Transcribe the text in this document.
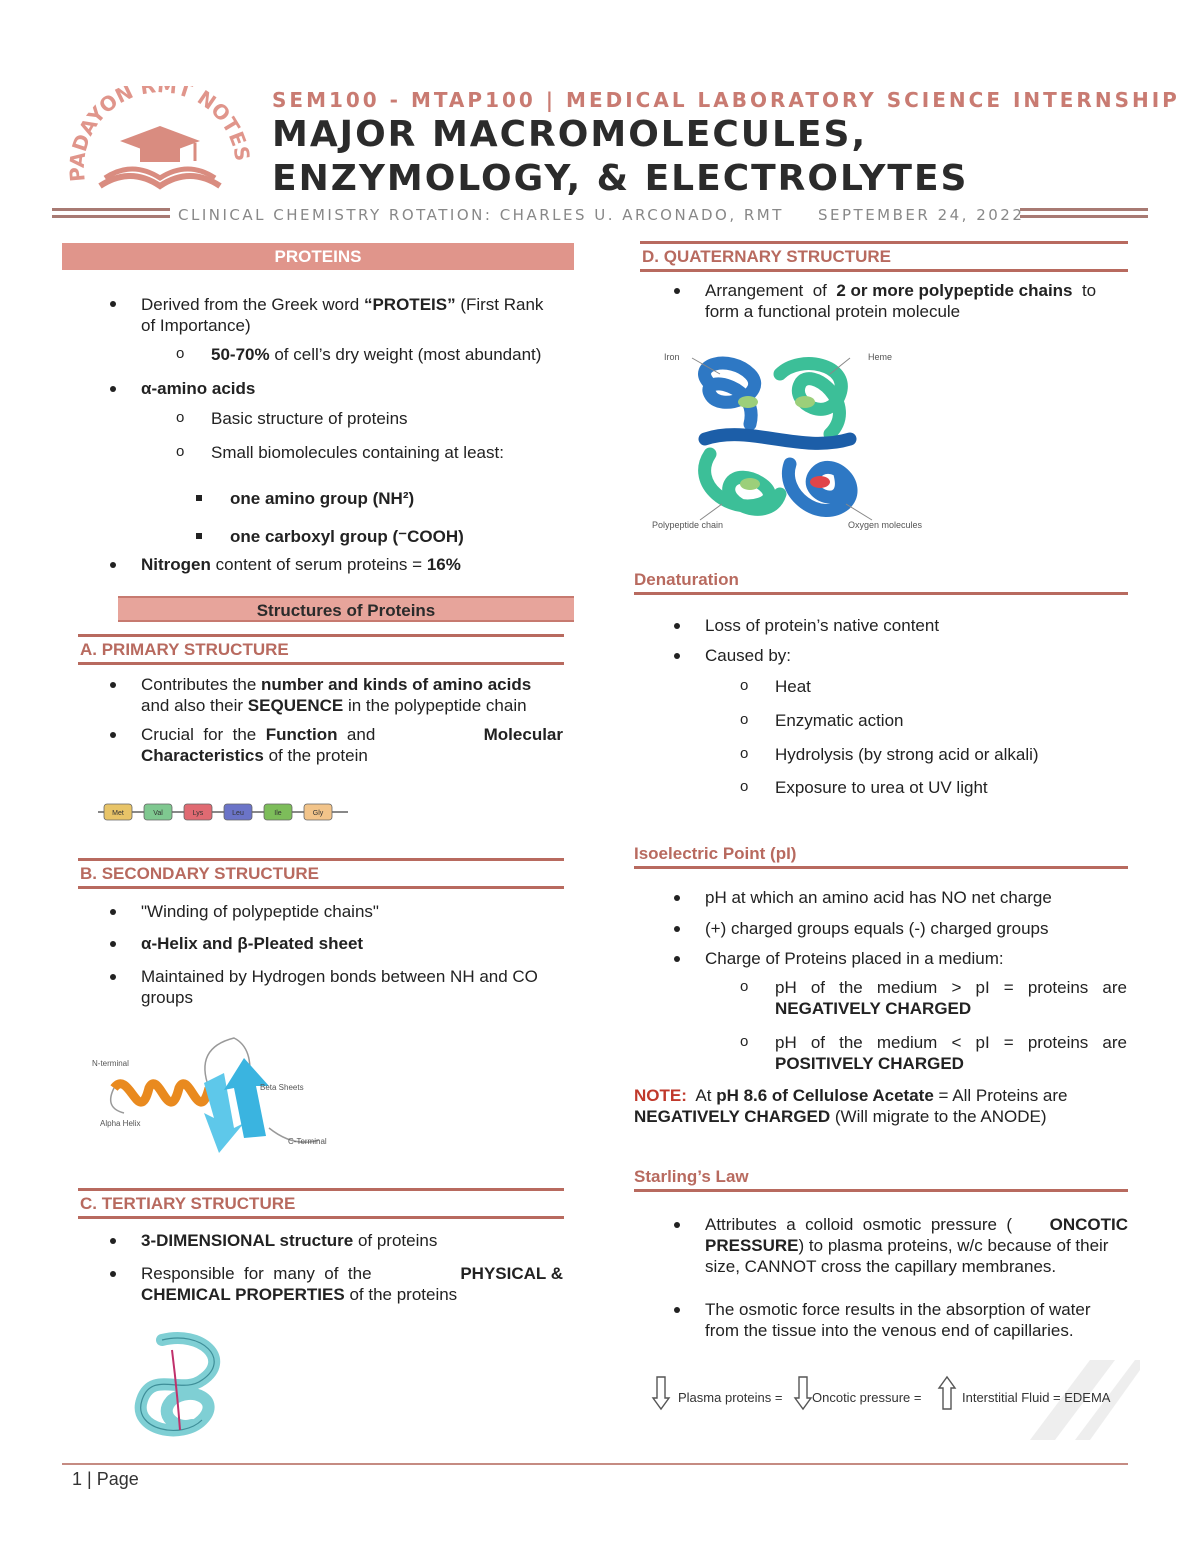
PADAYON R T NOTES
SEM100 - MTAP100 | MEDICAL LABORATORY SCIENCE INTERNSHIP
MAJOR MACROMOLECULES,
ENZYMOLOGY, & ELECTROLYTES
CLINICAL CHEMISTRY ROTATION: CHARLES U. ARCONADO, RMT SEPTEMBER 24, 2022
PROTEINS
Derived from the Greek word “PROTEIS” (First Rank
of Importance)
o 50-70% of cell’s dry weight (most abundant)
α-amino acids
o Basic structure of proteins
o Small biomolecules containing at least:
one amino group (NH²)
one carboxyl group (⁻COOH)
Nitrogen content of serum proteins = 16%
Structures of Proteins
A. PRIMARY STRUCTURE
Contributes the number and kinds of amino acids
and also their SEQUENCE in the polypeptide chain
Crucial  for  the  Function  and	Molecular

Characteristics of the protein
Met	Val	Lys	Leu	Ile	Gly
B. SECONDARY STRUCTURE
"Winding of polypeptide chains"
α-Helix and β-Pleated sheet
Maintained by Hydrogen bonds between NH and CO
groups
N-terminal
Beta Sheets
Alpha Helix
C-Terminal
C. TERTIARY STRUCTURE
3-DIMENSIONAL structure of proteins
Responsible  for  many  of  the	PHYSICAL &

CHEMICAL PROPERTIES of the proteins
D. QUATERNARY STRUCTURE
Arrangement  of  2 or more polypeptide chains  to
form a functional protein molecule
Iron	Heme
Polypeptide chain	Oxygen molecules
Denaturation
Loss of protein’s native content
Caused by:
o Heat
o Enzymatic action
o Hydrolysis (by strong acid or alkali)
o Exposure to urea ot UV light
Isoelectric Point (pI)
pH at which an amino acid has NO net charge
(+) charged groups equals (-) charged groups
Charge of Proteins placed in a medium:
o pH  of  the  medium  >  pI  =  proteins  are
NEGATIVELY CHARGED
o pH  of  the  medium  <  pI  =  proteins  are
POSITIVELY CHARGED
NOTE:  At pH 8.6 of Cellulose Acetate = All Proteins are
NEGATIVELY CHARGED (Will migrate to the ANODE)
Starling’s Law
Attributes  a  colloid  osmotic  pressure  ( ONCOTIC

PRESSURE) to plasma proteins, w/c because of their
size, CANNOT cross the capillary membranes.
The osmotic force results in the absorption of water
from the tissue into the venous end of capillaries.
Plasma proteins = Oncotic pressure =	Interstitial Fluid = EDEMA
1 | Page
